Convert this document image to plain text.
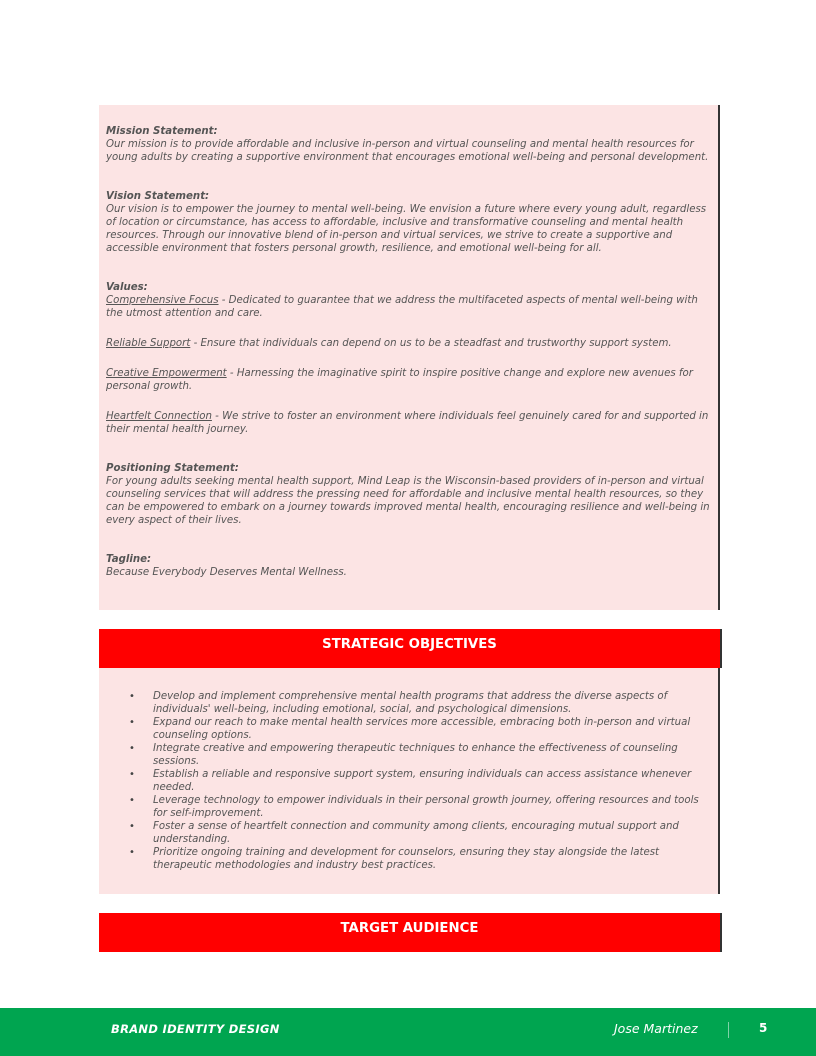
Mission Statement:
Our mission is to provide affordable and inclusive in-person and virtual counseling and mental health resources for young adults by creating a supportive environment that encourages emotional well-being and personal development.
Vision Statement:
Our vision is to empower the journey to mental well-being. We envision a future where every young adult, regardless of location or circumstance, has access to affordable, inclusive and transformative counseling and mental health resources. Through our innovative blend of in-person and virtual services, we strive to create a supportive and accessible environment that fosters personal growth, resilience, and emotional well-being for all.
Values:
Comprehensive Focus - Dedicated to guarantee that we address the multifaceted aspects of mental well-being with the utmost attention and care.
Reliable Support - Ensure that individuals can depend on us to be a steadfast and trustworthy support system.
Creative Empowerment - Harnessing the imaginative spirit to inspire positive change and explore new avenues for personal growth.
Heartfelt Connection - We strive to foster an environment where individuals feel genuinely cared for and supported in their mental health journey.
Positioning Statement:
For young adults seeking mental health support, Mind Leap is the Wisconsin-based providers of in-person and virtual counseling services that will address the pressing need for affordable and inclusive mental health resources, so they can be empowered to embark on a journey towards improved mental health, encouraging resilience and well-being in every aspect of their lives.
Tagline:
Because Everybody Deserves Mental Wellness.
STRATEGIC OBJECTIVES
• Develop and implement comprehensive mental health programs that address the diverse aspects of individuals' well-being, including emotional, social, and psychological dimensions.
• Expand our reach to make mental health services more accessible, embracing both in-person and virtual counseling options.
• Integrate creative and empowering therapeutic techniques to enhance the effectiveness of counseling sessions.
• Establish a reliable and responsive support system, ensuring individuals can access assistance whenever needed.
• Leverage technology to empower individuals in their personal growth journey, offering resources and tools for self-improvement.
• Foster a sense of heartfelt connection and community among clients, encouraging mutual support and understanding.
• Prioritize ongoing training and development for counselors, ensuring they stay alongside the latest therapeutic methodologies and industry best practices.
TARGET AUDIENCE
BRAND IDENTITY DESIGN	Jose Martinez	5
